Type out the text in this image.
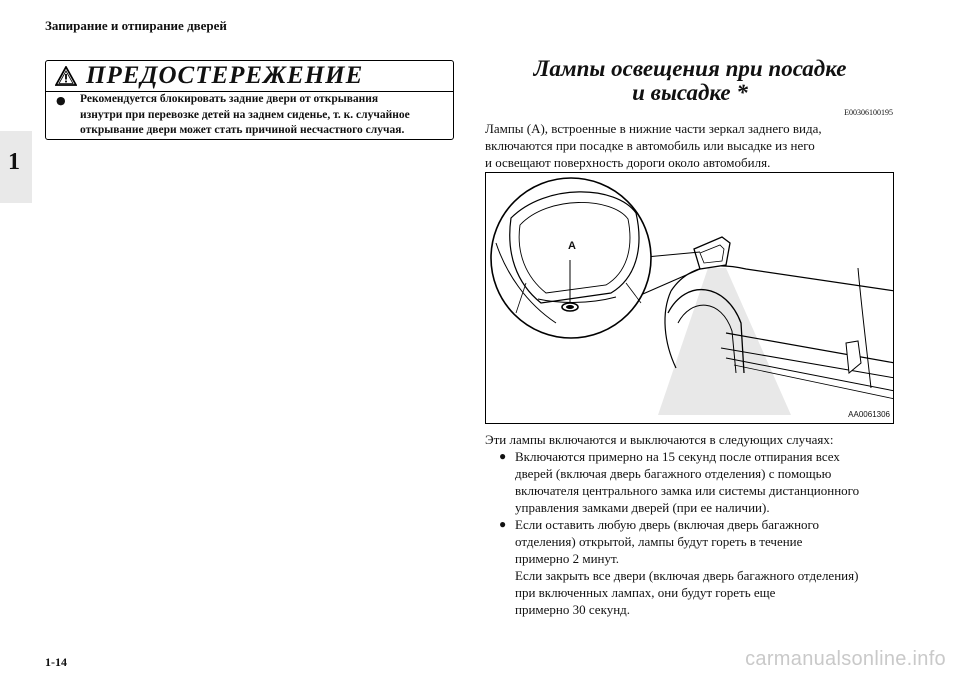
Запирание и отпирание дверей
1
ПРЕДОСТЕРЕЖЕНИЕ
● Рекомендуется блокировать задние двери от открывания
изнутри при перевозке детей на заднем сиденье, т. к. случайное
открывание двери может стать причиной несчастного случая.
Лампы освещения при посадке
и высадке *
E00306100195
Лампы (A), встроенные в нижние части зеркал заднего вида,
включаются при посадке в автомобиль или высадке из него
и освещают поверхность дороги около автомобиля.
A
AA0061306
Эти лампы включаются и выключаются в следующих случаях:
● Включаются примерно на 15 секунд после отпирания всех
дверей (включая дверь багажного отделения) с помощью
включателя центрального замка или системы дистанционного
управления замками дверей (при ее наличии).
● Если оставить любую дверь (включая дверь багажного
отделения) открытой, лампы будут гореть в течение
примерно 2 минут.
Если закрыть все двери (включая дверь багажного отделения)
при включенных лампах, они будут гореть еще
примерно 30 секунд.
1-14	carmanualsonline.info
